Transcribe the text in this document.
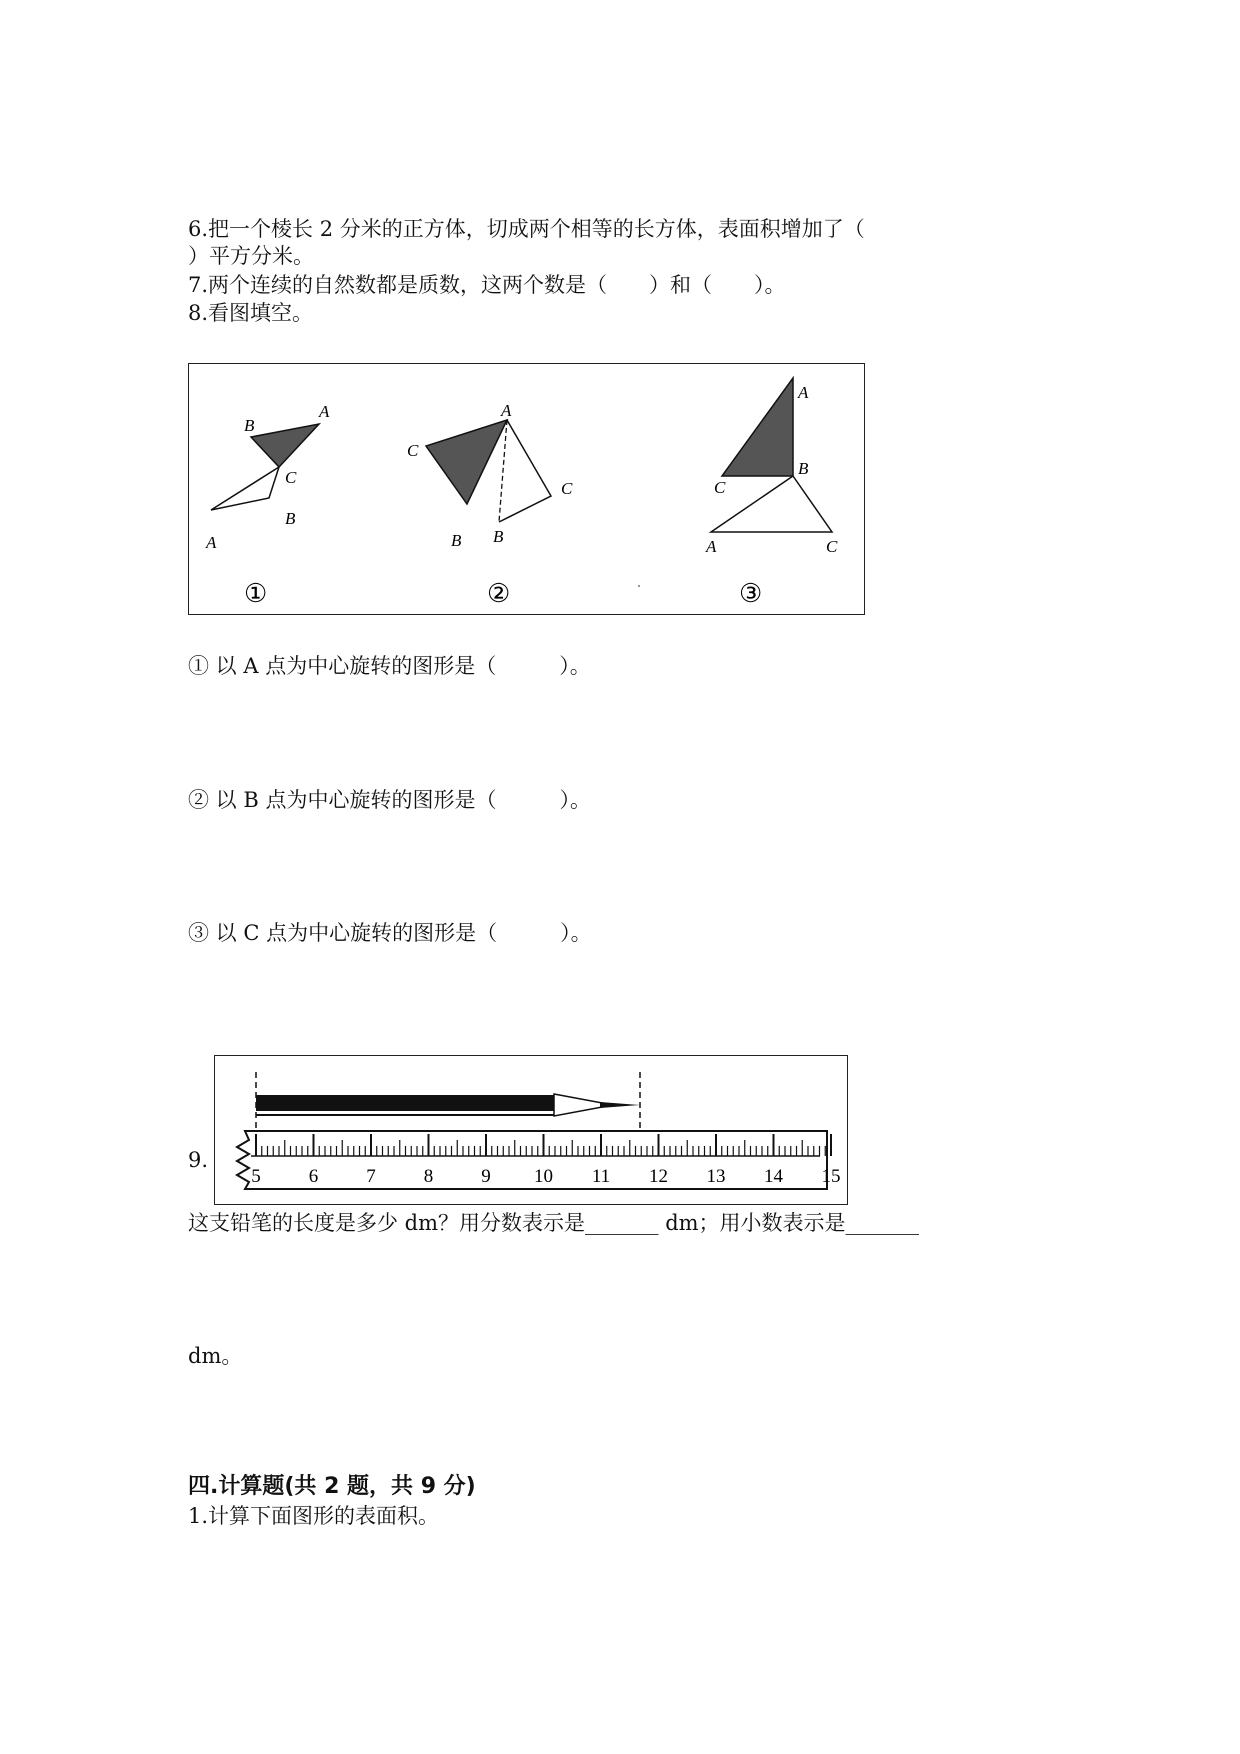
6.把一个棱长 2 分米的正方体，切成两个相等的长方体，表面积增加了（
）平方分米。
7.两个连续的自然数都是质数，这两个数是（　　）和（　　）。
8.看图填空。
B
A
C
B
A
①
A
C
B B
C
②
A
B
C
A	C
③
① 以 A 点为中心旋转的图形是（　　　）。
② 以 B 点为中心旋转的图形是（　　　）。
③ 以 C 点为中心旋转的图形是（　　　）。
9.
5	6	7	8	9 10 11 12 13 14 15
这支铅笔的长度是多少 dm？用分数表示是_______ dm；用小数表示是_______
dm。
四.计算题(共 2 题，共 9 分)
1.计算下面图形的表面积。
